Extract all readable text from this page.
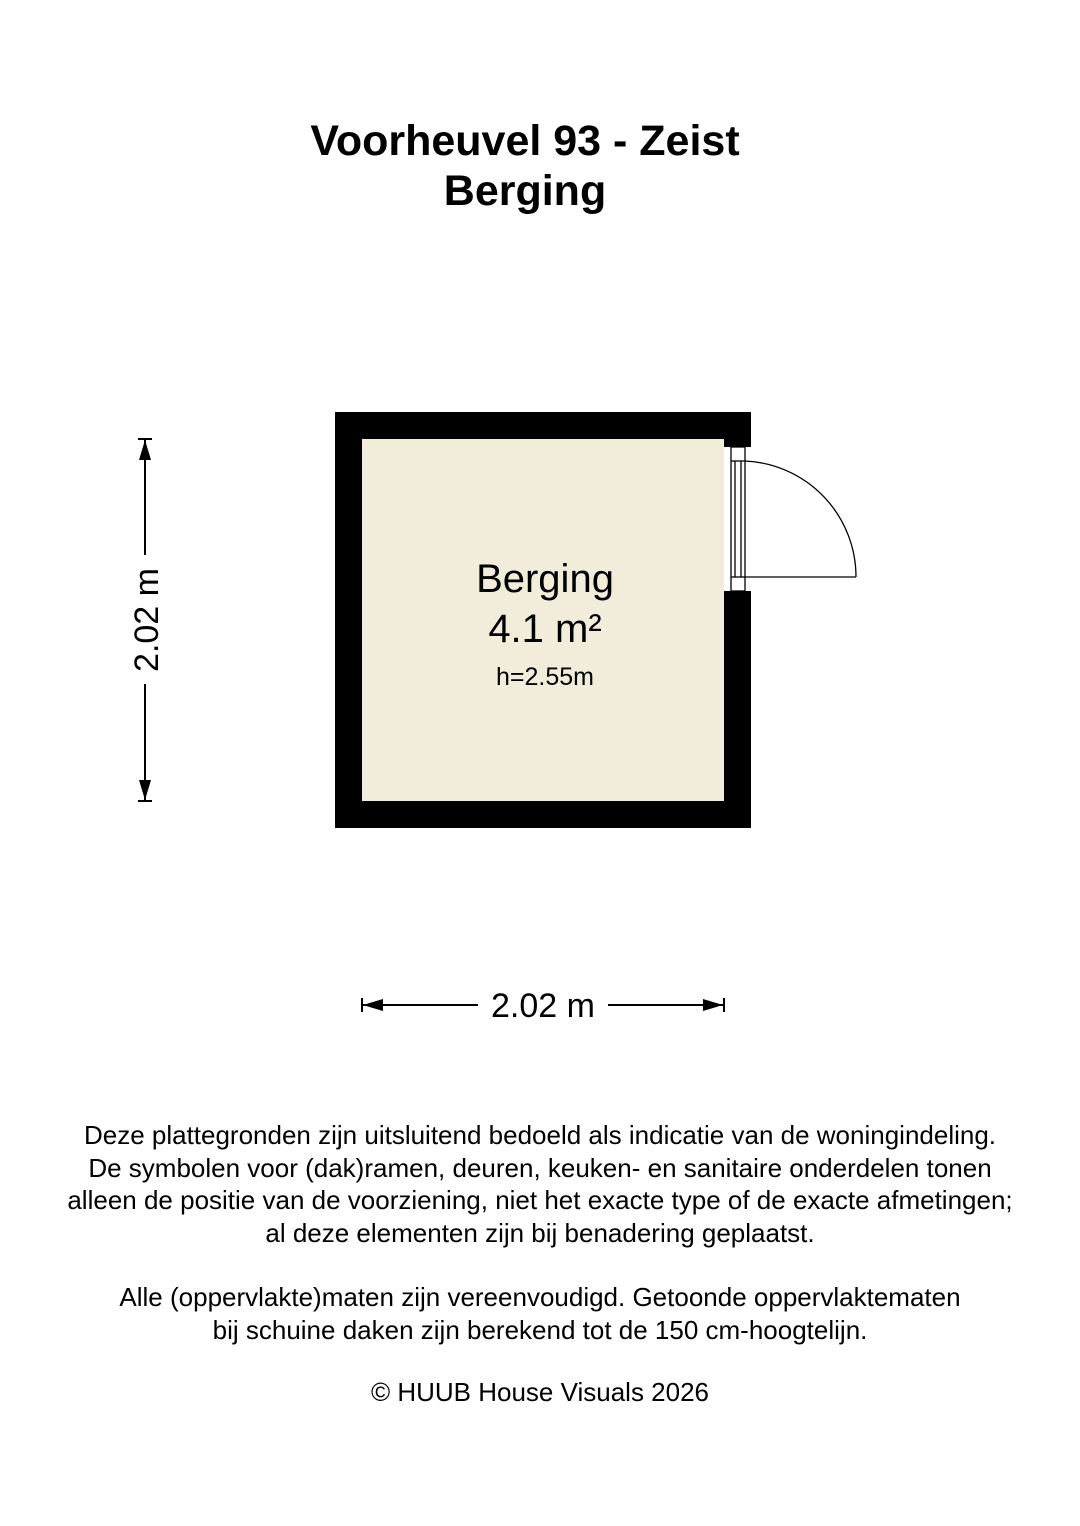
Voorheuvel 93 - Zeist
Berging
Berging
4.1 m²
h=2.55m
2.02 m
2.02 m

Deze plattegronden zijn uitsluitend bedoeld als indicatie van de woningindeling.

De symbolen voor (dak)ramen, deuren, keuken- en sanitaire onderdelen tonen

alleen de positie van de voorziening, niet het exacte type of de exacte afmetingen;

al deze elementen zijn bij benadering geplaatst.

Alle (oppervlakte)maten zijn vereenvoudigd. Getoonde oppervlaktematen

bij schuine daken zijn berekend tot de 150 cm-hoogtelijn.

© HUUB House Visuals 2026
